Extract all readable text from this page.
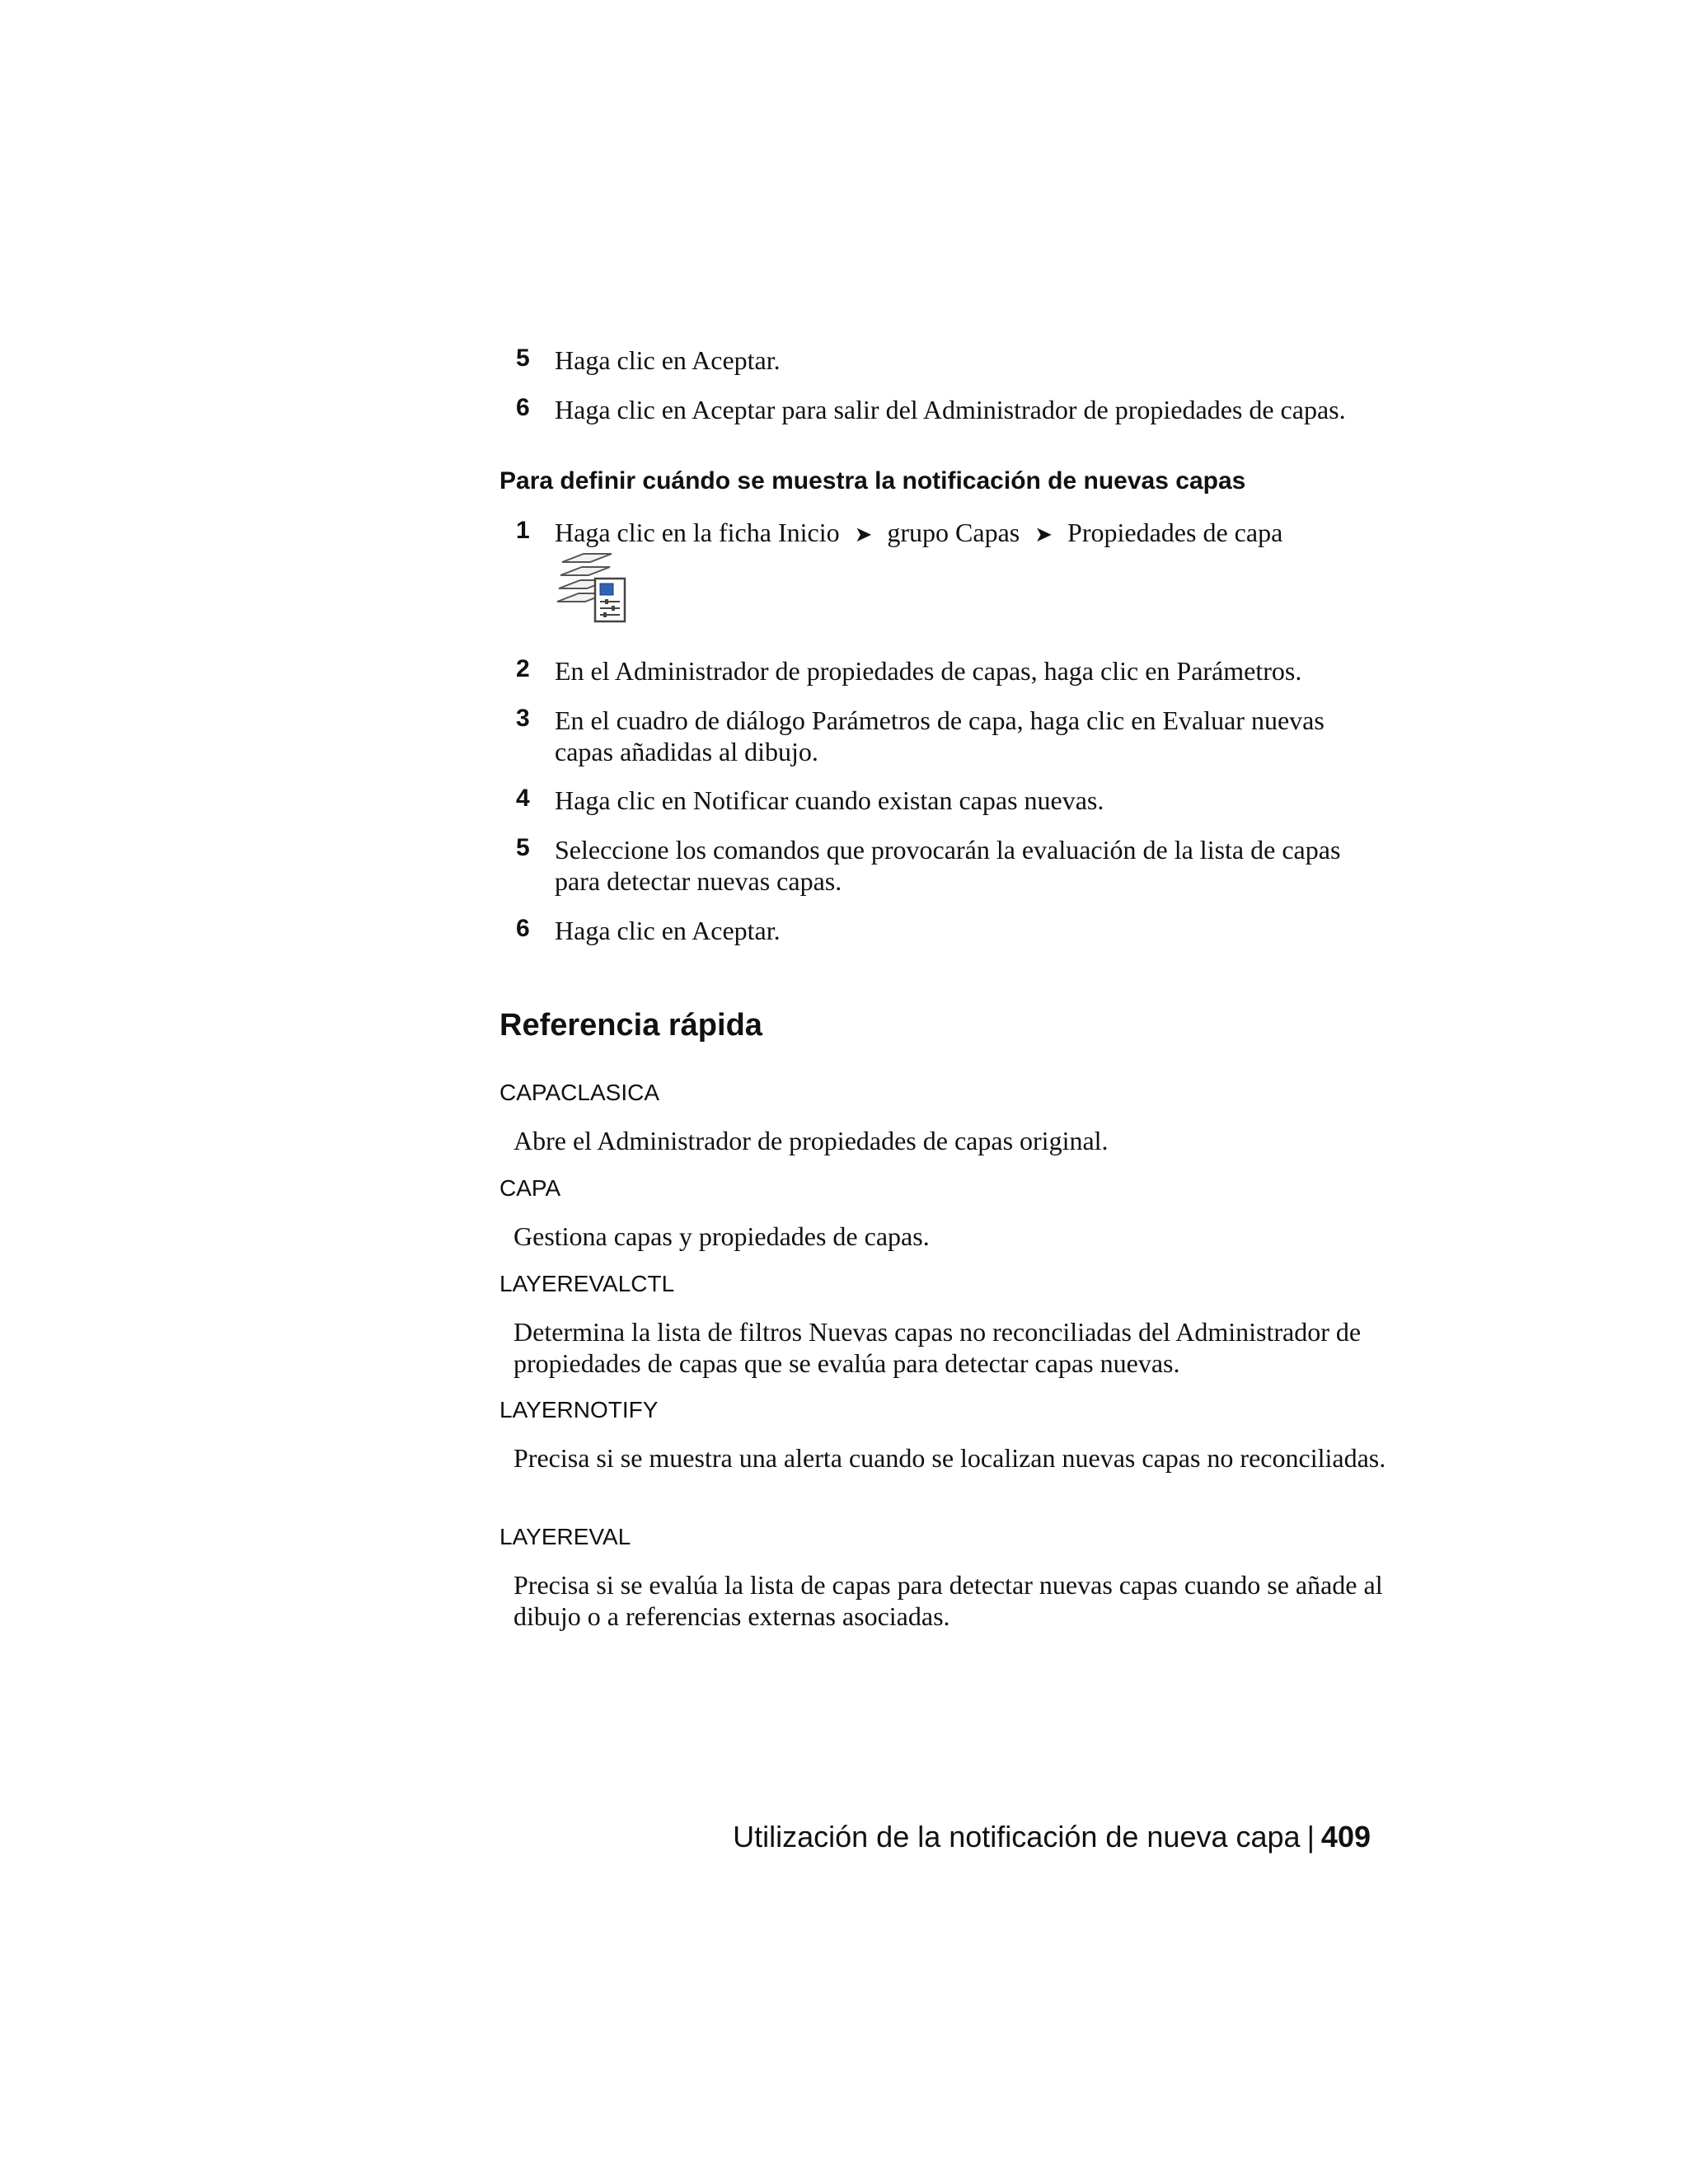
5 Haga clic en Aceptar.
6 Haga clic en Aceptar para salir del Administrador de propiedades de capas.
Para definir cuándo se muestra la notificación de nuevas capas
1 Haga clic en la ficha Inicio ➤ grupo Capas ➤ Propiedades de capa
2 En el Administrador de propiedades de capas, haga clic en Parámetros.
3 En el cuadro de diálogo Parámetros de capa, haga clic en Evaluar nuevas capas añadidas al dibujo.
4 Haga clic en Notificar cuando existan capas nuevas.
5 Seleccione los comandos que provocarán la evaluación de la lista de capas para detectar nuevas capas.
6 Haga clic en Aceptar.
Referencia rápida
CAPACLASICA
Abre el Administrador de propiedades de capas original.
CAPA
Gestiona capas y propiedades de capas.
LAYEREVALCTL
Determina la lista de filtros Nuevas capas no reconciliadas del Administrador de propiedades de capas que se evalúa para detectar capas nuevas.
LAYERNOTIFY
Precisa si se muestra una alerta cuando se localizan nuevas capas no reconciliadas.
LAYEREVAL
Precisa si se evalúa la lista de capas para detectar nuevas capas cuando se añade al dibujo o a referencias externas asociadas.
Utilización de la notificación de nueva capa | 409
